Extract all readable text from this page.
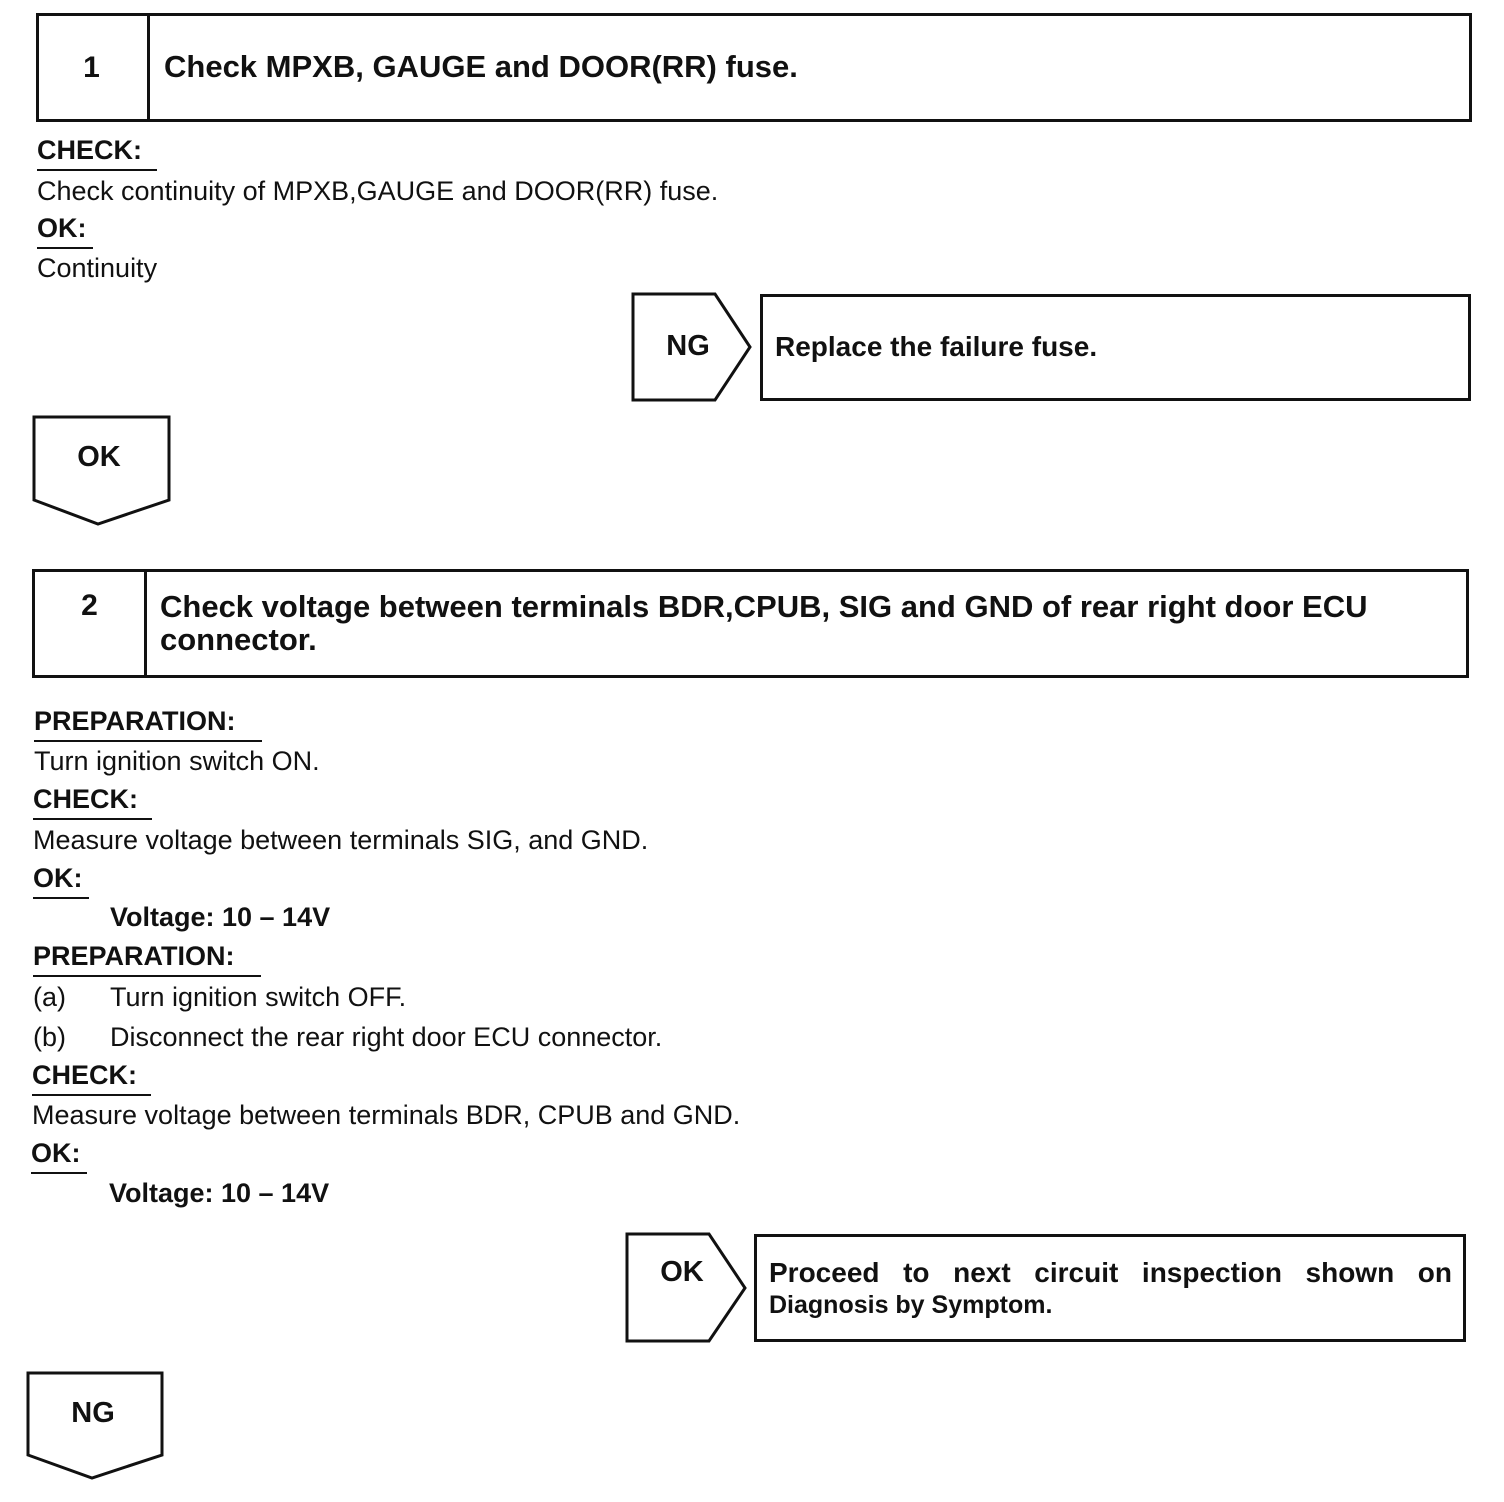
1	Check MPXB, GAUGE and DOOR(RR) fuse.
CHECK:
Check continuity of MPXB,GAUGE and DOOR(RR) fuse.
OK:
Continuity
NG	Replace the failure fuse.
OK
2	Check voltage between terminals BDR,CPUB, SIG and GND of rear right door ECU connector.
PREPARATION:
Turn ignition switch ON.
CHECK:
Measure voltage between terminals SIG, and GND.
OK:
Voltage: 10 – 14V
PREPARATION:
(a) Turn ignition switch OFF.
(b) Disconnect the rear right door ECU connector.
CHECK:
Measure voltage between terminals BDR, CPUB and GND.
OK:
Voltage: 10 – 14V
OK	Proceed to next circuit inspection shown on
Diagnosis by Symptom.
NG
